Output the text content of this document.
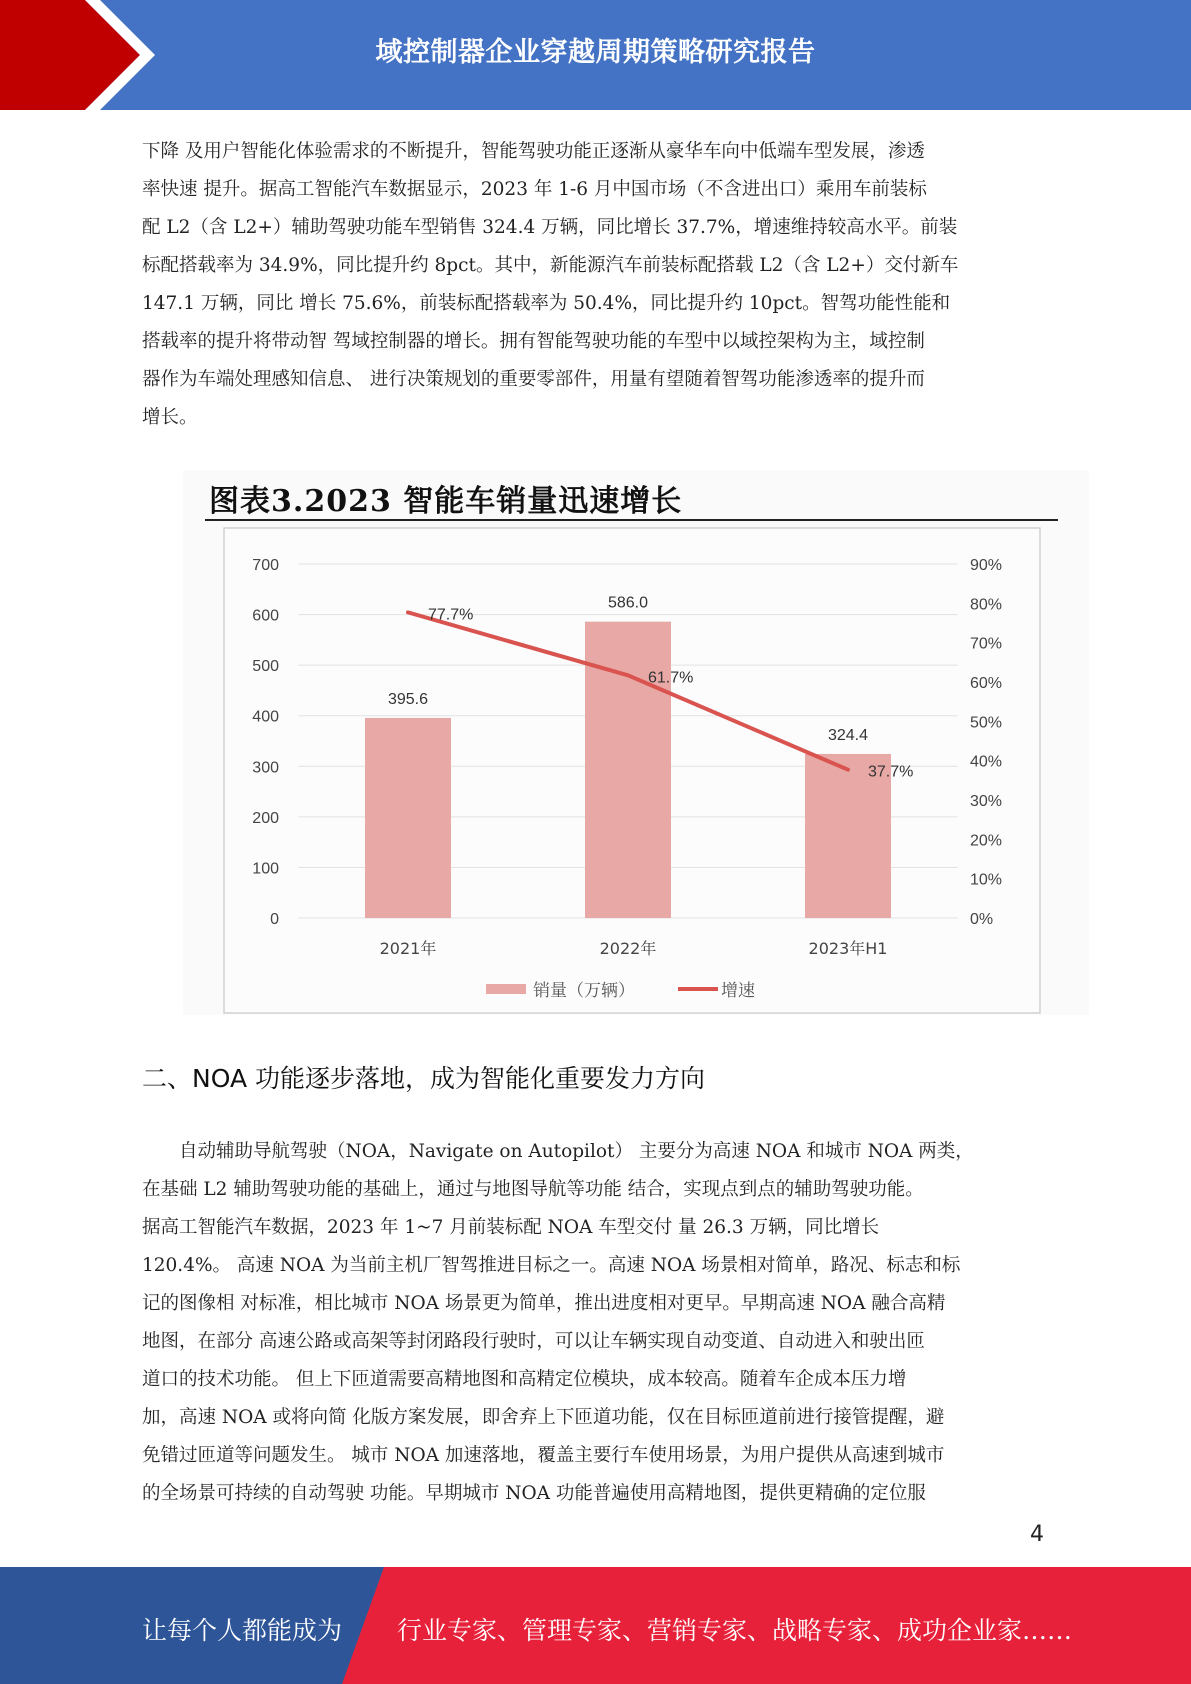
域控制器企业穿越周期策略研究报告
下降 及用户智能化体验需求的不断提升，智能驾驶功能正逐渐从豪华车向中低端车型发展，渗透
率快速 提升。据高工智能汽车数据显示，2023 年 1-6 月中国市场（不含进出口）乘用车前装标
配 L2（含 L2+）辅助驾驶功能车型销售 324.4 万辆，同比增长 37.7%，增速维持较高水平。前装
标配搭载率为 34.9%，同比提升约 8pct。其中，新能源汽车前装标配搭载 L2（含 L2+）交付新车
147.1 万辆，同比 增长 75.6%，前装标配搭载率为 50.4%，同比提升约 10pct。智驾功能性能和
搭载率的提升将带动智 驾域控制器的增长。拥有智能驾驶功能的车型中以域控架构为主，域控制
器作为车端处理感知信息、 进行决策规划的重要零部件，用量有望随着智驾功能渗透率的提升而
增长。
图表3.2023 智能车销量迅速增长
0
100
200
300
400
500
600
700
0%
10%
20%
30%
40%
50%
60%
70%
80%
90%
395.6
586.0
324.4
2021年	2022年	2023年H1
77.7%
61.7%
37.7%
销量（万辆）	增速
二、NOA 功能逐步落地，成为智能化重要发力方向
　　自动辅助导航驾驶（NOA，Navigate on Autopilot） 主要分为高速 NOA 和城市 NOA 两类，
在基础 L2 辅助驾驶功能的基础上，通过与地图导航等功能 结合，实现点到点的辅助驾驶功能。
据高工智能汽车数据，2023 年 1~7 月前装标配 NOA 车型交付 量 26.3 万辆，同比增长
120.4%。 高速 NOA 为当前主机厂智驾推进目标之一。高速 NOA 场景相对简单，路况、标志和标
记的图像相 对标准，相比城市 NOA 场景更为简单，推出进度相对更早。早期高速 NOA 融合高精
地图，在部分 高速公路或高架等封闭路段行驶时，可以让车辆实现自动变道、自动进入和驶出匝
道口的技术功能。 但上下匝道需要高精地图和高精定位模块，成本较高。随着车企成本压力增
加，高速 NOA 或将向简 化版方案发展，即舍弃上下匝道功能，仅在目标匝道前进行接管提醒，避
免错过匝道等问题发生。 城市 NOA 加速落地，覆盖主要行车使用场景，为用户提供从高速到城市
的全场景可持续的自动驾驶 功能。早期城市 NOA 功能普遍使用高精地图，提供更精确的定位服
4
让每个人都能成为 行业专家、管理专家、营销专家、战略专家、成功企业家……
